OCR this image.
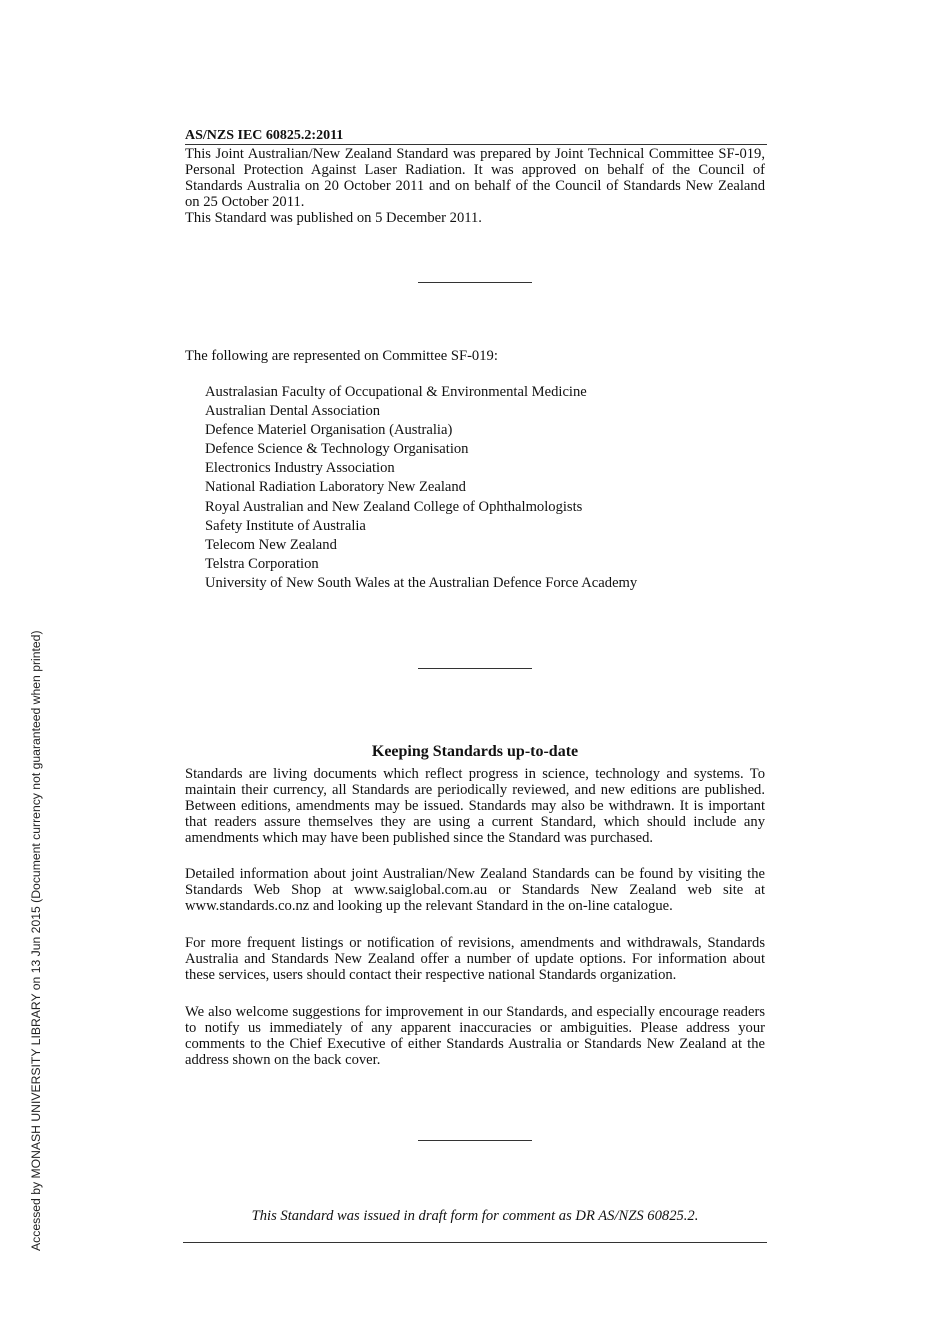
AS/NZS IEC 60825.2:2011
This Joint Australian/New Zealand Standard was prepared by Joint Technical Committee SF-019, Personal Protection Against Laser Radiation. It was approved on behalf of the Council of Standards Australia on 20 October 2011 and on behalf of the Council of Standards New Zealand on 25 October 2011.
This Standard was published on 5 December 2011.
The following are represented on Committee SF-019:
Australasian Faculty of Occupational & Environmental Medicine
Australian Dental Association
Defence Materiel Organisation (Australia)
Defence Science & Technology Organisation
Electronics Industry Association
National Radiation Laboratory New Zealand
Royal Australian and New Zealand College of Ophthalmologists
Safety Institute of Australia
Telecom New Zealand
Telstra Corporation
University of New South Wales at the Australian Defence Force Academy
Keeping Standards up-to-date
Standards are living documents which reflect progress in science, technology and systems. To maintain their currency, all Standards are periodically reviewed, and new editions are published. Between editions, amendments may be issued. Standards may also be withdrawn. It is important that readers assure themselves they are using a current Standard, which should include any amendments which may have been published since the Standard was purchased.
Detailed information about joint Australian/New Zealand Standards can be found by visiting the Standards Web Shop at www.saiglobal.com.au or Standards New Zealand web site at www.standards.co.nz and looking up the relevant Standard in the on-line catalogue.
For more frequent listings or notification of revisions, amendments and withdrawals, Standards Australia and Standards New Zealand offer a number of update options. For information about these services, users should contact their respective national Standards organization.
We also welcome suggestions for improvement in our Standards, and especially encourage readers to notify us immediately of any apparent inaccuracies or ambiguities. Please address your comments to the Chief Executive of either Standards Australia or Standards New Zealand at the address shown on the back cover.
This Standard was issued in draft form for comment as DR AS/NZS 60825.2.
Accessed by MONASH UNIVERSITY LIBRARY on 13 Jun 2015 (Document currency not guaranteed when printed)
